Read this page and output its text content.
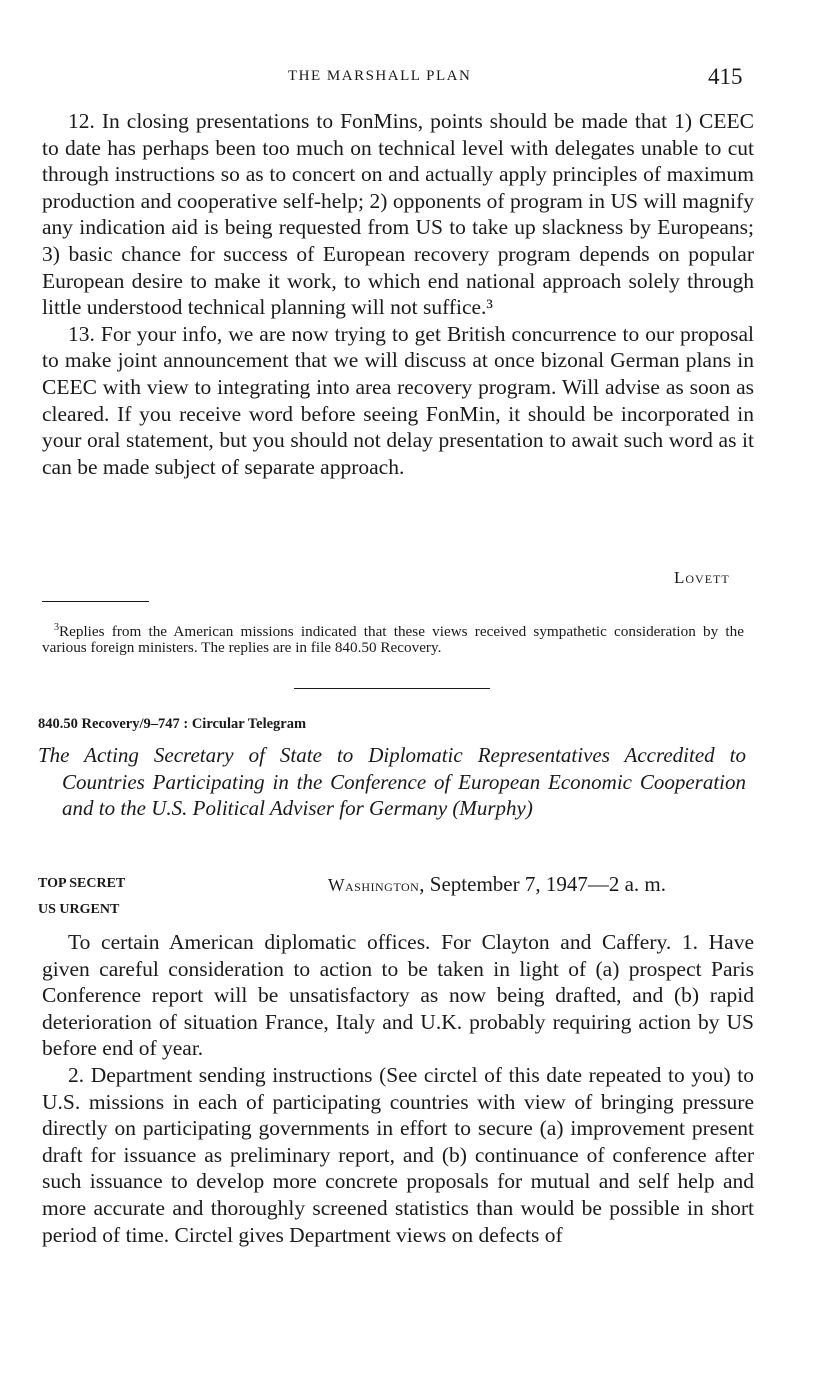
THE MARSHALL PLAN	415

12. In closing presentations to FonMins, points should be made that 1) CEEC to date has perhaps been too much on technical level with delegates unable to cut through instructions so as to concert on and actually apply principles of maximum production and cooperative self-help; 2) opponents of program in US will magnify any indication aid is being requested from US to take up slackness by Europeans; 3) basic chance for success of European recovery program depends on popular European desire to make it work, to which end national approach solely through little understood technical planning will not suffice.³

13. For your info, we are now trying to get British concurrence to our proposal to make joint announcement that we will discuss at once bizonal German plans in CEEC with view to integrating into area recovery program. Will advise as soon as cleared. If you receive word before seeing FonMin, it should be incorporated in your oral statement, but you should not delay presentation to await such word as it can be made subject of separate approach.

Lovett

$^3$Replies from the American missions indicated that these views received sympathetic consideration by the various foreign ministers. The replies are in file 840.50 Recovery.

840.50 Recovery/9–747 : Circular Telegram

The Acting Secretary of State to Diplomatic Representatives Accredited to Countries Participating in the Conference of European Economic Cooperation and to the U.S. Political Adviser for Germany (Murphy)

TOP SECRET
US URGENT
Washington, September 7, 1947—2 a. m.

To certain American diplomatic offices. For Clayton and Caffery. 1. Have given careful consideration to action to be taken in light of (a) prospect Paris Conference report will be unsatisfactory as now being drafted, and (b) rapid deterioration of situation France, Italy and U.K. probably requiring action by US before end of year.

2. Department sending instructions (See circtel of this date repeated to you) to U.S. missions in each of participating countries with view of bringing pressure directly on participating governments in effort to secure (a) improvement present draft for issuance as preliminary report, and (b) continuance of conference after such issuance to develop more concrete proposals for mutual and self help and more accurate and thoroughly screened statistics than would be possible in short period of time. Circtel gives Department views on defects of
